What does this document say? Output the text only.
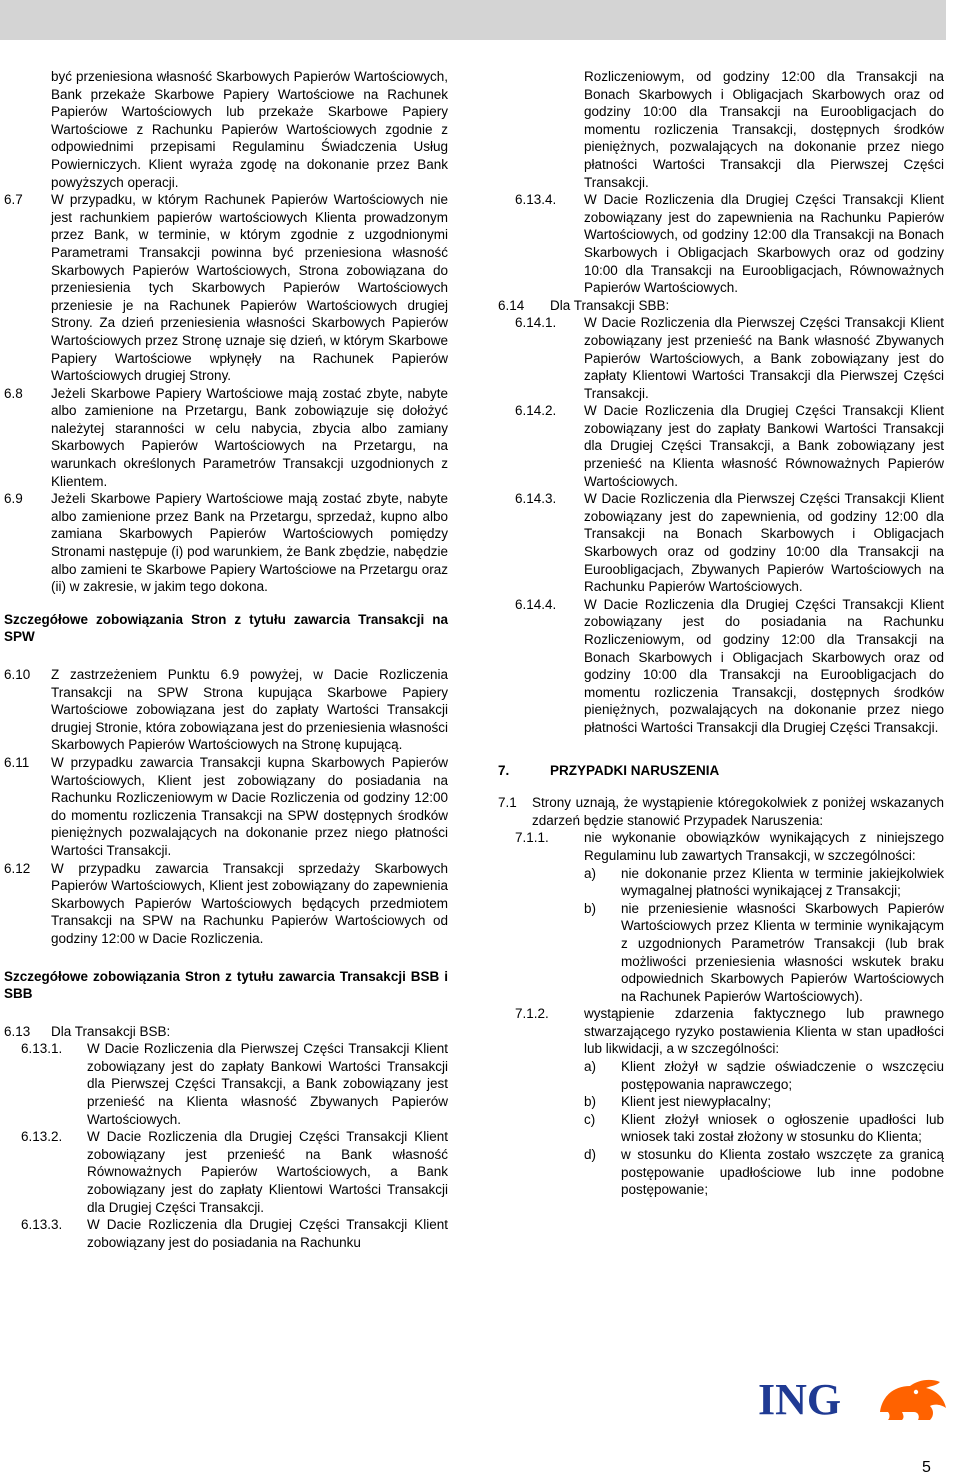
być przeniesiona własność Skarbowych Papierów Wartościowych, Bank przekaże Skarbowe Papiery Wartościowe na Rachunek Papierów Wartościowych lub przekaże Skarbowe Papiery Wartościowe z Rachunku Papierów Wartościowych zgodnie z odpowiednimi przepisami Regulaminu Świadczenia Usług Powierniczych. Klient wyraża zgodę na dokonanie przez Bank powyższych operacji.
6.7	W przypadku, w którym Rachunek Papierów Wartościowych nie jest rachunkiem papierów wartościowych Klienta prowadzonym przez Bank, w terminie, w którym zgodnie z uzgodnionymi Parametrami Transakcji powinna być przeniesiona własność Skarbowych Papierów Wartościowych, Strona zobowiązana do przeniesienia tych Skarbowych Papierów Wartościowych przeniesie je na Rachunek Papierów Wartościowych drugiej Strony. Za dzień przeniesienia własności Skarbowych Papierów Wartościowych przez Stronę uznaje się dzień, w którym Skarbowe Papiery Wartościowe wpłynęły na Rachunek Papierów Wartościowych drugiej Strony.
6.8	Jeżeli Skarbowe Papiery Wartościowe mają zostać zbyte, nabyte albo zamienione na Przetargu, Bank zobowiązuje się dołożyć należytej staranności w celu nabycia, zbycia albo zamiany Skarbowych Papierów Wartościowych na Przetargu, na warunkach określonych Parametrów Transakcji uzgodnionych z Klientem.
6.9	Jeżeli Skarbowe Papiery Wartościowe mają zostać zbyte, nabyte albo zamienione przez Bank na Przetargu, sprzedaż, kupno albo zamiana Skarbowych Papierów Wartościowych pomiędzy Stronami następuje (i) pod warunkiem, że Bank zbędzie, nabędzie albo zamieni te Skarbowe Papiery Wartościowe na Przetargu oraz (ii) w zakresie, w jakim tego dokona.

Szczegółowe zobowiązania Stron z tytułu zawarcia Transakcji na SPW

6.10	Z zastrzeżeniem Punktu 6.9 powyżej, w Dacie Rozliczenia Transakcji na SPW Strona kupująca Skarbowe Papiery Wartościowe zobowiązana jest do zapłaty Wartości Transakcji drugiej Stronie, która zobowiązana jest do przeniesienia własności Skarbowych Papierów Wartościowych na Stronę kupującą.
6.11	W przypadku zawarcia Transakcji kupna Skarbowych Papierów Wartościowych, Klient jest zobowiązany do posiadania na Rachunku Rozliczeniowym w Dacie Rozliczenia od godziny 12:00 do momentu rozliczenia Transakcji na SPW dostępnych środków pieniężnych pozwalających na dokonanie przez niego płatności Wartości Transakcji.
6.12	W przypadku zawarcia Transakcji sprzedaży Skarbowych Papierów Wartościowych, Klient jest zobowiązany do zapewnienia Skarbowych Papierów Wartościowych będących przedmiotem Transakcji na SPW na Rachunku Papierów Wartościowych od godziny 12:00 w Dacie Rozliczenia.

Szczegółowe zobowiązania Stron z tytułu zawarcia Transakcji BSB i SBB

6.13	Dla Transakcji BSB:
6.13.1.	W Dacie Rozliczenia dla Pierwszej Części Transakcji Klient zobowiązany jest do zapłaty Bankowi Wartości Transakcji dla Pierwszej Części Transakcji, a Bank zobowiązany jest przenieść na Klienta własność Zbywanych Papierów Wartościowych.
6.13.2.	W Dacie Rozliczenia dla Drugiej Części Transakcji Klient zobowiązany jest przenieść na Bank własność Równoważnych Papierów Wartościowych, a Bank zobowiązany jest do zapłaty Klientowi Wartości Transakcji dla Drugiej Części Transakcji.
6.13.3.	W Dacie Rozliczenia dla Drugiej Części Transakcji Klient zobowiązany jest do posiadania na Rachunku
Rozliczeniowym, od godziny 12:00 dla Transakcji na Bonach Skarbowych i Obligacjach Skarbowych oraz od godziny 10:00 dla Transakcji na Euroobligacjach do momentu rozliczenia Transakcji, dostępnych środków pieniężnych, pozwalających na dokonanie przez niego płatności Wartości Transakcji dla Pierwszej Części Transakcji.
6.13.4.	W Dacie Rozliczenia dla Drugiej Części Transakcji Klient zobowiązany jest do zapewnienia na Rachunku Papierów Wartościowych, od godziny 12:00 dla Transakcji na Bonach Skarbowych i Obligacjach Skarbowych oraz od godziny 10:00 dla Transakcji na Euroobligacjach, Równoważnych Papierów Wartościowych.
6.14	Dla Transakcji SBB:
6.14.1.	W Dacie Rozliczenia dla Pierwszej Części Transakcji Klient zobowiązany jest przenieść na Bank własność Zbywanych Papierów Wartościowych, a Bank zobowiązany jest do zapłaty Klientowi Wartości Transakcji dla Pierwszej Części Transakcji.
6.14.2.	W Dacie Rozliczenia dla Drugiej Części Transakcji Klient zobowiązany jest do zapłaty Bankowi Wartości Transakcji dla Drugiej Części Transakcji, a Bank zobowiązany jest przenieść na Klienta własność Równoważnych Papierów Wartościowych.
6.14.3.	W Dacie Rozliczenia dla Pierwszej Części Transakcji Klient zobowiązany jest do zapewnienia, od godziny 12:00 dla Transakcji na Bonach Skarbowych i Obligacjach Skarbowych oraz od godziny 10:00 dla Transakcji na Euroobligacjach, Zbywanych Papierów Wartościowych na Rachunku Papierów Wartościowych.
6.14.4.	W Dacie Rozliczenia dla Drugiej Części Transakcji Klient zobowiązany jest do posiadania na Rachunku Rozliczeniowym, od godziny 12:00 dla Transakcji na Bonach Skarbowych i Obligacjach Skarbowych oraz od godziny 10:00 dla Transakcji na Euroobligacjach do momentu rozliczenia Transakcji, dostępnych środków pieniężnych, pozwalających na dokonanie przez niego płatności Wartości Transakcji dla Drugiej Części Transakcji.
7.	PRZYPADKI NARUSZENIA
7.1	Strony uznają, że wystąpienie któregokolwiek z poniżej wskazanych zdarzeń będzie stanowić Przypadek Naruszenia:
7.1.1.	nie wykonanie obowiązków wynikających z niniejszego Regulaminu lub zawartych Transakcji, w szczególności:
a)	nie dokonanie przez Klienta w terminie jakiejkolwiek wymagalnej płatności wynikającej z Transakcji;
b)	nie przeniesienie własności Skarbowych Papierów Wartościowych przez Klienta w terminie wynikającym z uzgodnionych Parametrów Transakcji (lub brak możliwości przeniesienia własności wskutek braku odpowiednich Skarbowych Papierów Wartościowych na Rachunek Papierów Wartościowych).
7.1.2.	wystąpienie zdarzenia faktycznego lub prawnego stwarzającego ryzyko postawienia Klienta w stan upadłości lub likwidacji, a w szczególności:
a)	Klient złożył w sądzie oświadczenie o wszczęciu postępowania naprawczego;
b)	Klient jest niewypłacalny;
c)	Klient złożył wniosek o ogłoszenie upadłości lub wniosek taki został złożony w stosunku do Klienta;
d)	w stosunku do Klienta zostało wszczęte za granicą postępowanie upadłościowe lub inne podobne postępowanie;
ING
5
